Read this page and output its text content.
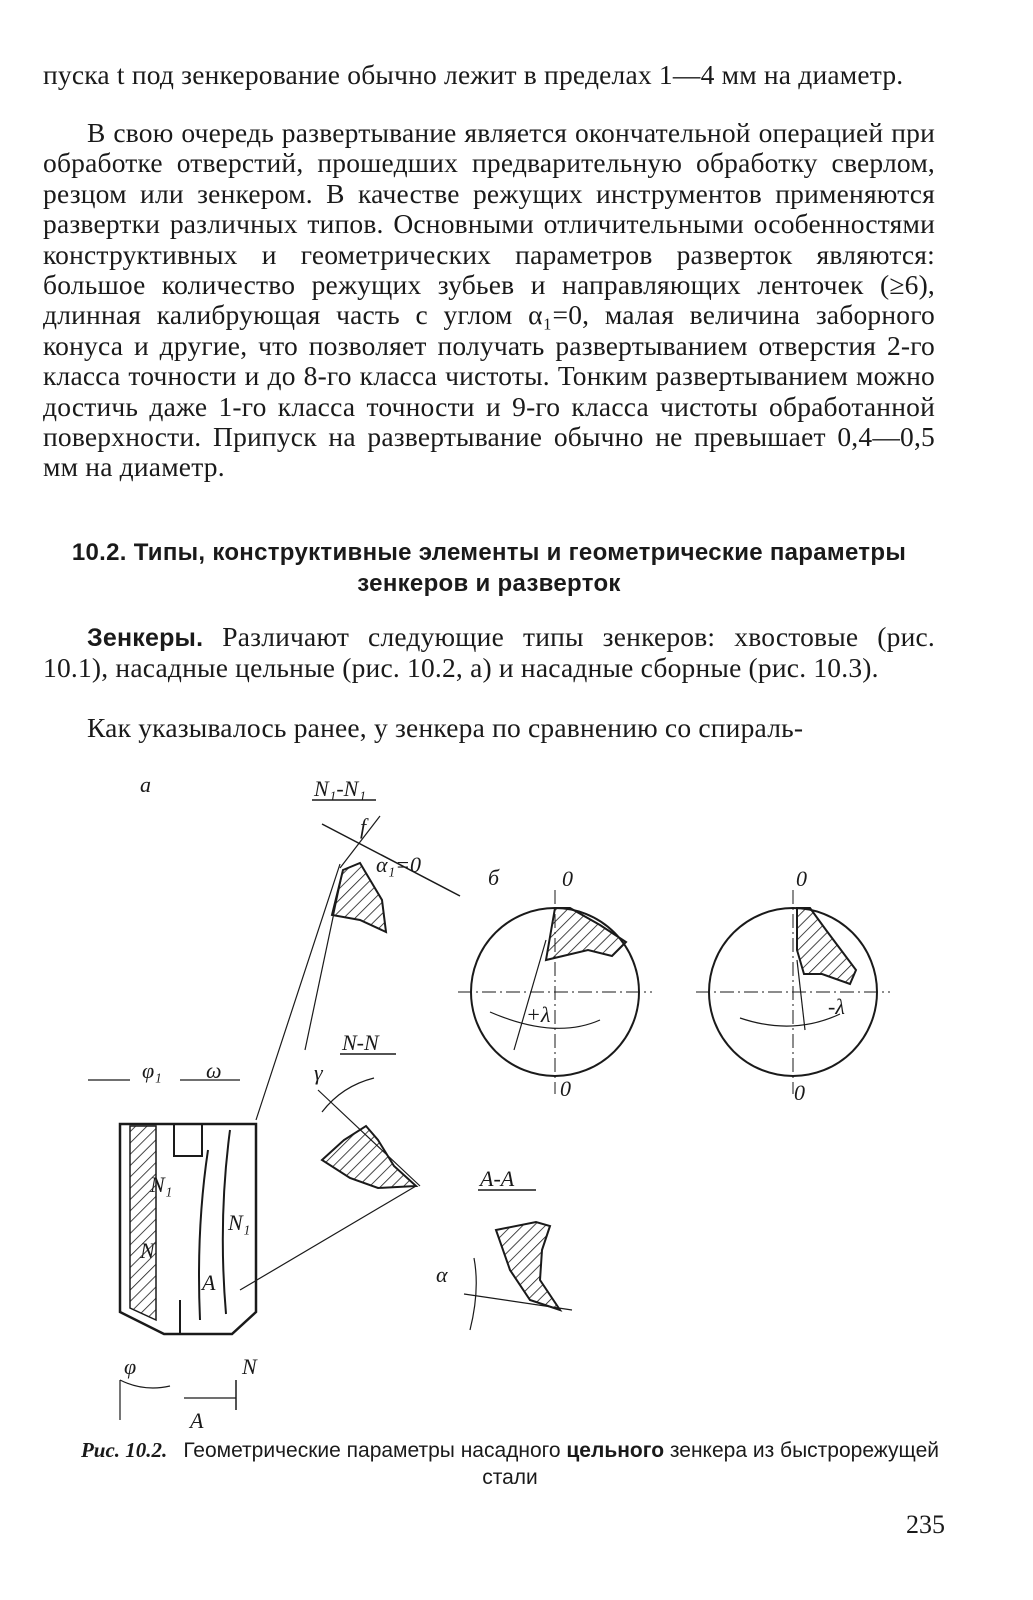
пуска t под зенкерование обычно лежит в пределах 1—4 мм на диаметр.

В свою очередь развертывание является окончательной операцией при обработке отверстий, прошедших предварительную обработку сверлом, резцом или зенкером. В качестве режущих инструментов применяются развертки различных типов. Основными отличительными особенностями конструктивных и геометрических параметров разверток являются: большое количество режущих зубьев и направляющих ленточек (≥6), длинная калибрующая часть с углом α₁=0, малая величина заборного конуса и другие, что позволяет получать развертыванием отверстия 2-го класса точности и до 8-го класса чистоты. Тонким развертыванием можно достичь даже 1-го класса точности и 9-го класса чистоты обработанной поверхности. Припуск на развертывание обычно не превышает 0,4—0,5 мм на диаметр.

10.2. Типы, конструктивные элементы и геометрические параметры зенкеров и разверток

Зенкеры. Различают следующие типы зенкеров: хвостовые (рис. 10.1), насадные цельные (рис. 10.2, а) и насадные сборные (рис. 10.3).

Как указывалось ранее, у зенкера по сравнению со спираль-

а	N₁-N₁
f
α₁=0
б	0
0
+λ
0
0
-λ
N-N
γ
A-A
α
φ₁ ω
N₁
N₁
N
N
A
A
φ
Рис. 10.2. Геометрические параметры насадного цельного зенкера из быстрорежущей стали
235
